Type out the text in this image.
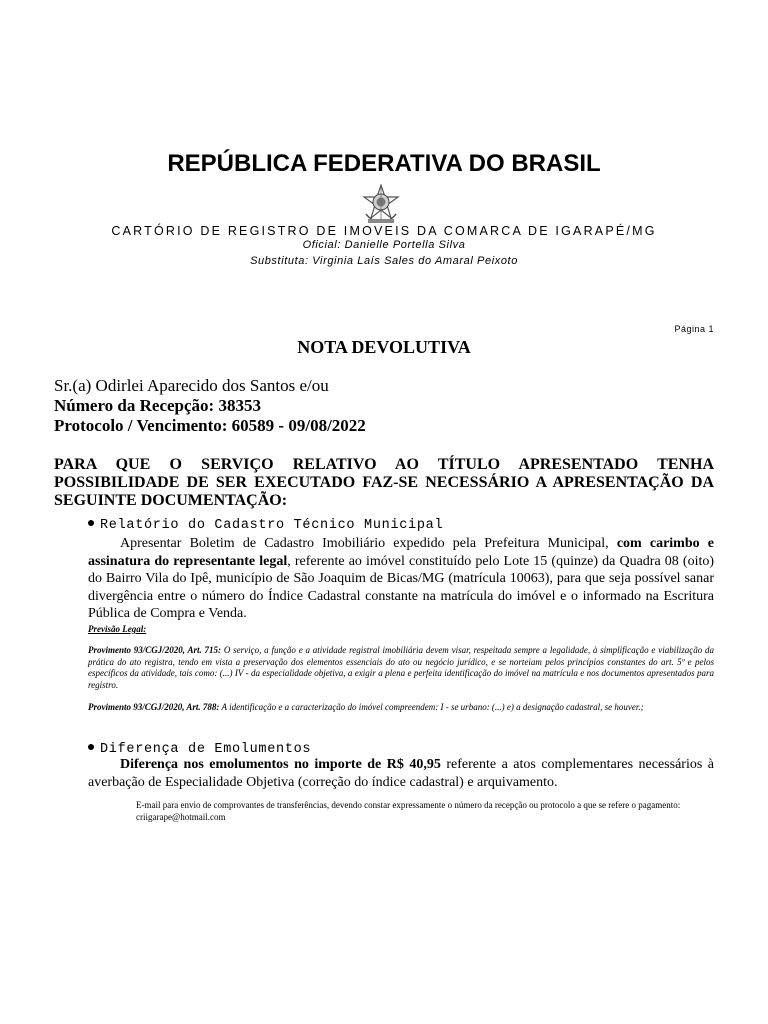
REPÚBLICA FEDERATIVA DO BRASIL
CARTÓRIO DE REGISTRO DE IMOVEIS DA COMARCA DE IGARAPÉ/MG
Oficial: Danielle Portella Silva
Substituta: Virginia Laís Sales do Amaral Peixoto
Página 1
NOTA DEVOLUTIVA
Sr.(a) Odirlei Aparecido dos Santos e/ou
Número da Recepção: 38353
Protocolo / Vencimento: 60589 - 09/08/2022
PARA QUE O SERVIÇO RELATIVO AO TÍTULO APRESENTADO TENHA POSSIBILIDADE DE SER EXECUTADO FAZ-SE NECESSÁRIO A APRESENTAÇÃO DA SEGUINTE DOCUMENTAÇÃO:
Relatório do Cadastro Técnico Municipal
Apresentar Boletim de Cadastro Imobiliário expedido pela Prefeitura Municipal, com carimbo e assinatura do representante legal, referente ao imóvel constituído pelo Lote 15 (quinze) da Quadra 08 (oito) do Bairro Vila do Ipê, município de São Joaquim de Bicas/MG (matrícula 10063), para que seja possível sanar divergência entre o número do Índice Cadastral constante na matrícula do imóvel e o informado na Escritura Pública de Compra e Venda.
Previsão Legal:
Provimento 93/CGJ/2020, Art. 715: O serviço, a função e a atividade registral imobiliária devem visar, respeitada sempre a legalidade, à simplificação e viabilização da prática do ato registra, tendo em vista a preservação dos elementos essenciais do ato ou negócio jurídico, e se norteiam pelos princípios constantes do art. 5º e pelos específicos da atividade, tais como: (...) IV - da especialidade objetiva, a exigir a plena e perfeita identificação do imóvel na matrícula e nos documentos apresentados para registro.
Provimento 93/CGJ/2020, Art. 788: A identificação e a caracterização do imóvel compreendem: I - se urbano: (...) e) a designação cadastral, se houver.;
Diferença de Emolumentos
Diferença nos emolumentos no importe de R$ 40,95 referente a atos complementares necessários à averbação de Especialidade Objetiva (correção do índice cadastral) e arquivamento.
E-mail para envio de comprovantes de transferências, devendo constar expressamente o número da recepção ou protocolo a que se refere o pagamento: criigarape@hotmail.com
